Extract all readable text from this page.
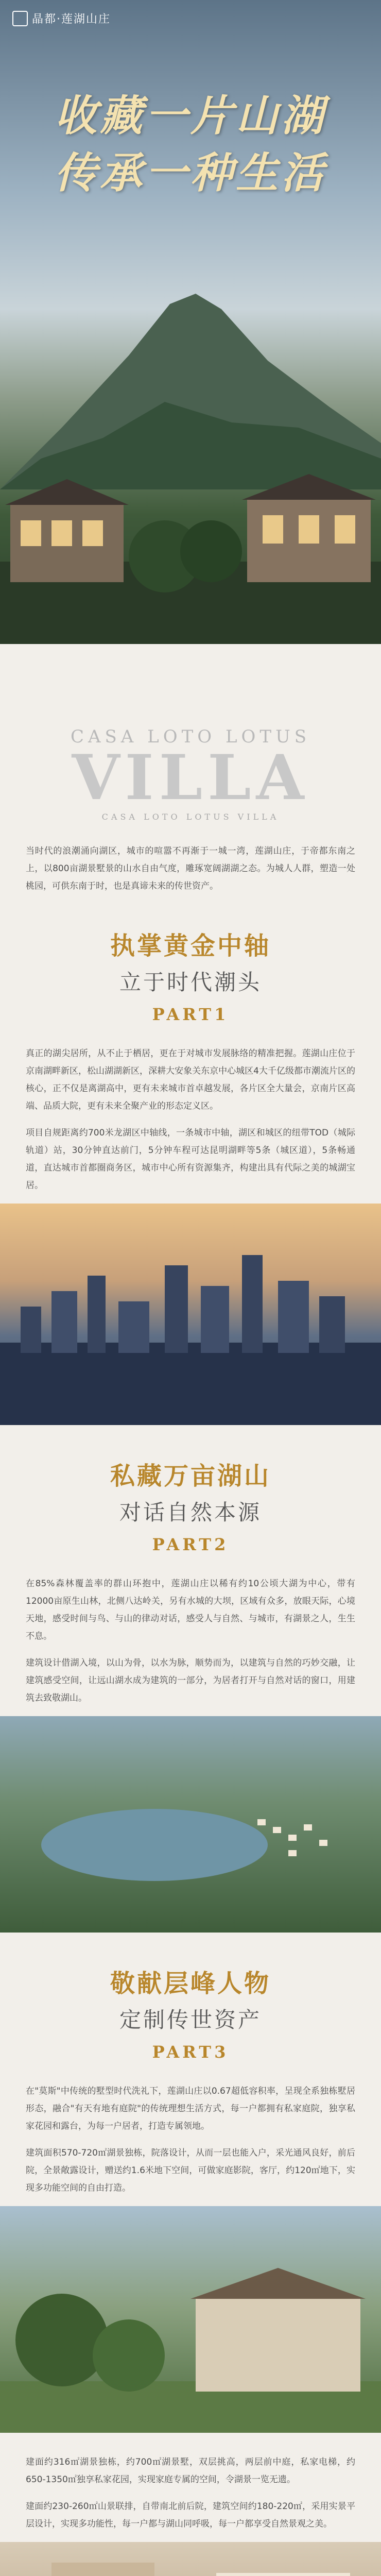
晶都·莲湖山庄
收藏一片山湖
传承一种生活
CASA LOTO LOTUS
VILLA
CASA LOTO LOTUS VILLA

当时代的浪潮涌向湖区，城市的喧嚣不再渐于一城一湾，莲湖山庄，于帝都东南之上，以800亩湖景墅景的山水自由气度，雕琢宽阔湖湖之态。为城人人群，塑造一处桃园，可供东南于时，也是真谛未来的传世资产。

执掌黄金中轴
立于时代潮头
PART1

真正的湖尖居所，从不止于栖居，更在于对城市发展脉络的精准把握。莲湖山庄位于京南湖畔新区，松山湖湖新区，深耕大安象关东京中心城区4大千亿级都市潮流片区的核心，正不仅是离湖高中，更有未来城市首卓越发展，各片区全大量会，京南片区高端、品质大院，更有未来全聚产业的形态定义区。

项目自规距离约700米龙湖区中轴线，一条城市中轴，湖区和城区的纽带TOD（城际轨道）站，30分钟直达前门，5分钟车程可达昆明湖畔等5条（城区道），5条畅通道，直达城市首都圈商务区，城市中心所有资源集齐，构建出具有代际之美的城湖宝居。

私藏万亩湖山
对话自然本源
PART2

在85%森林覆盖率的群山环抱中，莲湖山庄以稀有约10公顷大湖为中心，带有12000亩原生山林，北侧八达岭关，另有水城的大坝，区域有众多，放眼天际，心境天地，感受时间与鸟、与山的律动对话，感受人与自然、与城市，有湖景之人，生生不息。

建筑设计借湖入境，以山为骨，以水为脉，顺势而为，以建筑与自然的巧妙交融，让建筑感受空间，让远山湖水成为建筑的一部分，为居者打开与自然对话的窗口，用建筑去致敬湖山。

敬献层峰人物
定制传世资产
PART3

在"莫斯"中传统的墅型时代洗礼下，莲湖山庄以0.67超低容积率，呈现全系独栋墅居形态，融合"有天有地有庭院"的传统理想生活方式，每一户都拥有私家庭院，独享私家花园和露台，为每一户居者，打造专属领地。

建筑面积570-720㎡湖景独栋，院落设计，从而一层也能入户，采光通风良好，前后院，全景敞露设计，赠送约1.6米地下空间，可做家庭影院，客厅，约120㎡地下，实现多功能空间的自由打造。

建面约316㎡湖景独栋，约700㎡湖景墅，双层挑高，两层前中庭，私家电梯，约650-1350㎡独享私家花园，实现家庭专属的空间，令湖景一览无遗。

建面约230-260㎡山景联排，自带南北前后院，建筑空间约180-220㎡，采用实景平层设计，实现多功能性，每一户都与湖山同呼吸，每一户都享受自然景观之美。
